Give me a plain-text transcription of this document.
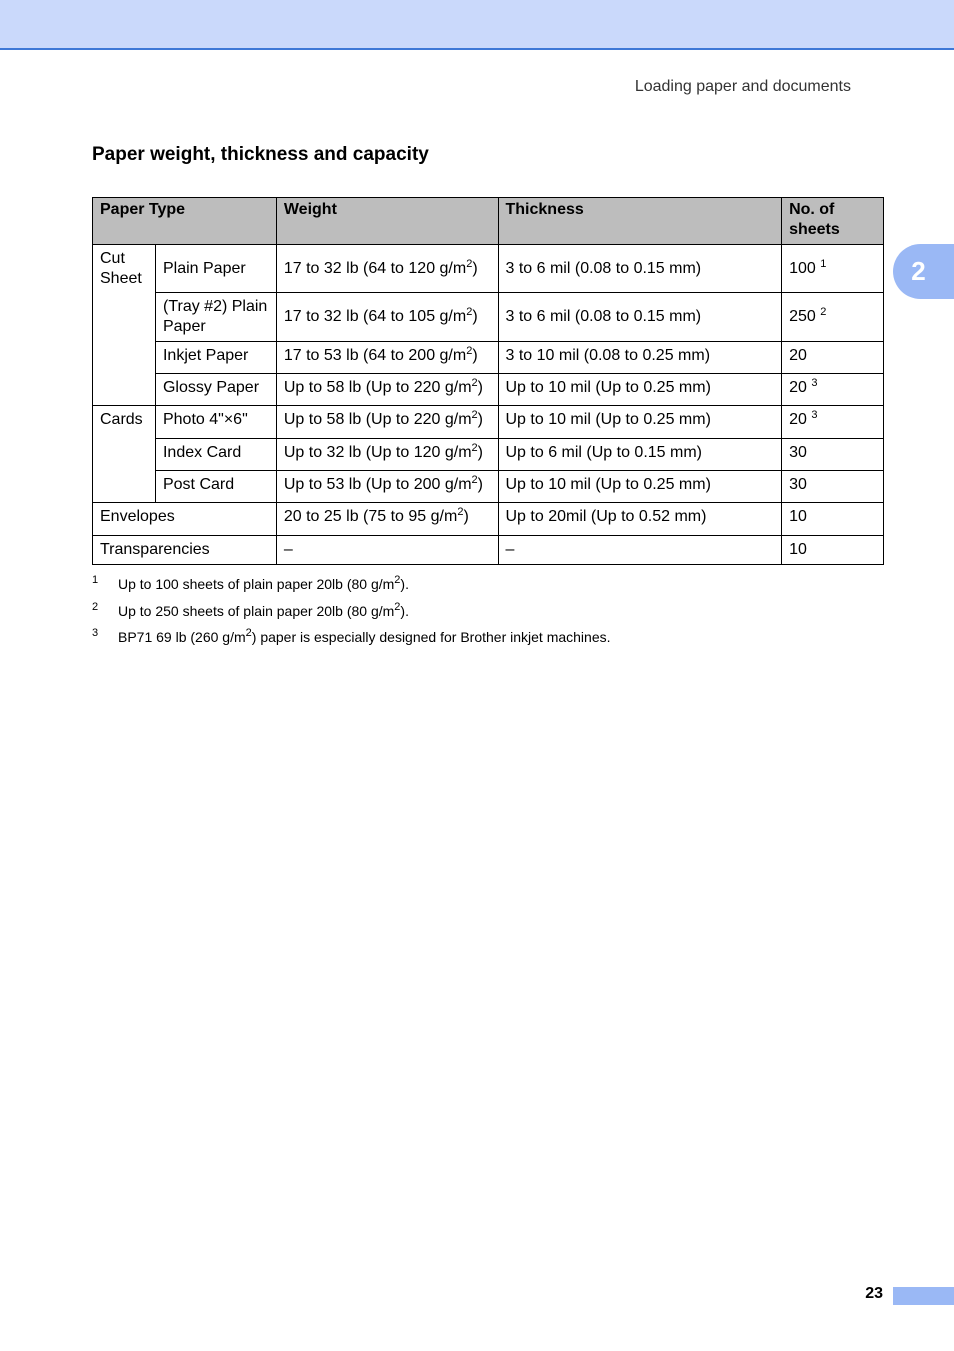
Loading paper and documents
2
Paper weight, thickness and capacity
Paper Type		Weight	Thickness	No. of sheets
Cut Sheet	Plain Paper	17 to 32 lb (64 to 120 $g/m^2$)	3 to 6 mil (0.08 to 0.15 mm)	100 $^1$
	(Tray #2) Plain Paper	17 to 32 lb (64 to 105 $g/m^2$)	3 to 6 mil (0.08 to 0.15 mm)	250 $^2$
	Inkjet Paper	17 to 53 lb (64 to 200 $g/m^2$)	3 to 10 mil (0.08 to 0.25 mm)	20
	Glossy Paper	Up to 58 lb (Up to 220 $g/m^2$)	Up to 10 mil (Up to 0.25 mm)	20 $^3$
Cards	Photo 4"×6"	Up to 58 lb (Up to 220 $g/m^2$)	Up to 10 mil (Up to 0.25 mm)	20 $^3$
	Index Card	Up to 32 lb (Up to 120 $g/m^2$)	Up to 6 mil (Up to 0.15 mm)	30
	Post Card	Up to 53 lb (Up to 200 $g/m^2$)	Up to 10 mil (Up to 0.25 mm)	30
Envelopes		20 to 25 lb (75 to 95 $g/m^2$)	Up to 20mil (Up to 0.52 mm)	10
Transparencies		–	–	10
1 Up to 100 sheets of plain paper 20lb (80 $g/m^2$).
2 Up to 250 sheets of plain paper 20lb (80 $g/m^2$).
3 BP71 69 lb (260 $g/m^2$) paper is especially designed for Brother inkjet machines.
23
